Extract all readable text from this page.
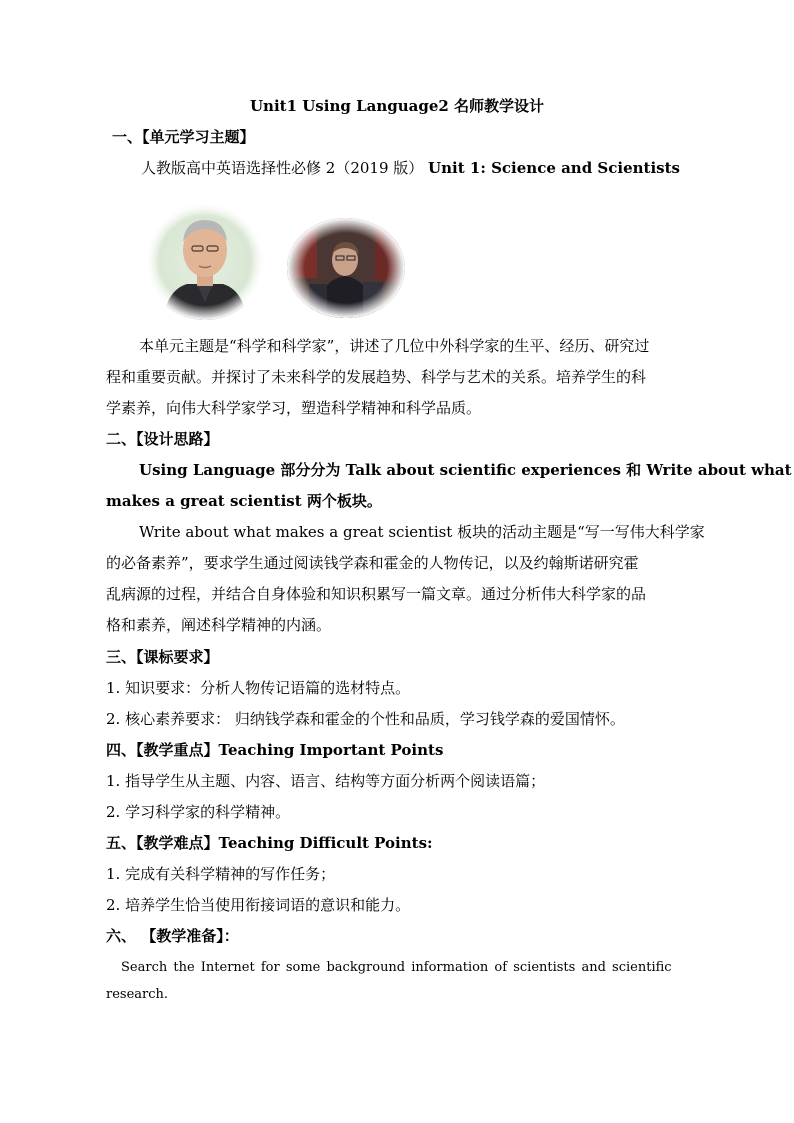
Unit1 Using Language2 名师教学设计
一、【单元学习主题】
人教版高中英语选择性必修 2（2019 版） Unit 1: Science and Scientists
本单元主题是“科学和科学家”，讲述了几位中外科学家的生平、经历、研究过
程和重要贡献。并探讨了未来科学的发展趋势、科学与艺术的关系。培养学生的科
学素养，向伟大科学家学习，塑造科学精神和科学品质。
二、【设计思路】
Using Language 部分分为 Talk about scientific experiences 和 Write about what
makes a great scientist 两个板块。
Write about what makes a great scientist 板块的活动主题是“写一写伟大科学家
的必备素养”，要求学生通过阅读钱学森和霍金的人物传记，以及约翰斯诺研究霍
乱病源的过程，并结合自身体验和知识积累写一篇文章。通过分析伟大科学家的品
格和素养，阐述科学精神的内涵。
三、【课标要求】
1. 知识要求：分析人物传记语篇的选材特点。
2. 核心素养要求： 归纳钱学森和霍金的个性和品质，学习钱学森的爱国情怀。
四、【教学重点】Teaching Important Points
1. 指导学生从主题、内容、语言、结构等方面分析两个阅读语篇；
2. 学习科学家的科学精神。
五、【教学难点】Teaching Difficult Points:
1. 完成有关科学精神的写作任务；
2. 培养学生恰当使用衔接词语的意识和能力。
六、 【教学准备】：
Search the Internet for some background information of scientists and scientific
research.
